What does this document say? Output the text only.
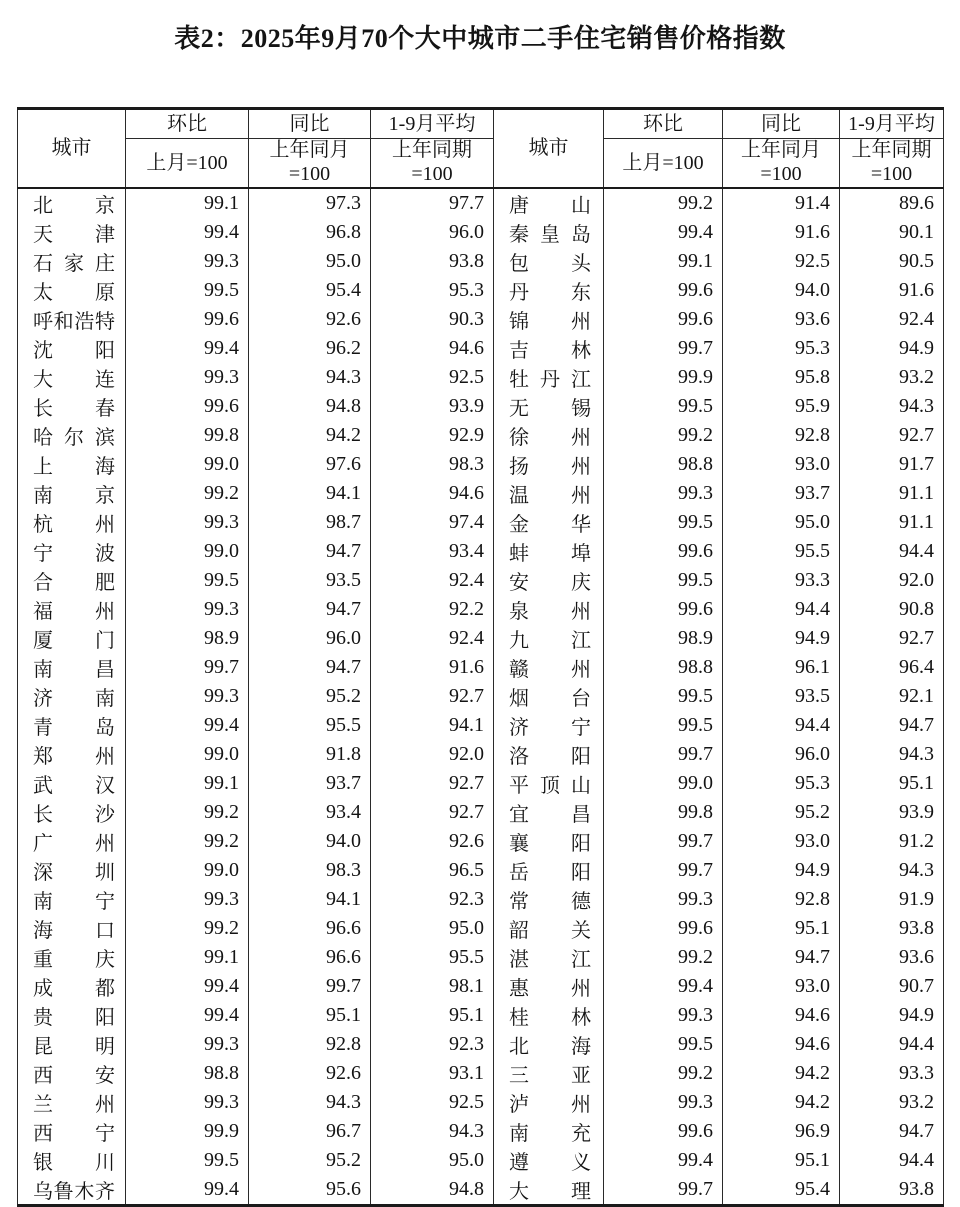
表2：2025年9月70个大中城市二手住宅销售价格指数
城市	环比	同比	1-9月平均	城市	环比	同比	1-9月平均
	上月=100	上年同月=100	上年同期=100		上月=100	上年同月=100	上年同期=100

北 京	99.1	97.3	97.7	唐 山	99.2	91.4	89.6

天 津	99.4	96.8	96.0	秦 皇 岛	99.4	91.6	90.1

石 家 庄	99.3	95.0	93.8	包 头	99.1	92.5	90.5

太 原	99.5	95.4	95.3	丹 东	99.6	94.0	91.6

呼 和 浩 特	99.6	92.6	90.3	锦 州	99.6	93.6	92.4

沈 阳	99.4	96.2	94.6	吉 林	99.7	95.3	94.9

大 连	99.3	94.3	92.5	牡 丹 江	99.9	95.8	93.2

长 春	99.6	94.8	93.9	无 锡	99.5	95.9	94.3

哈 尔 滨	99.8	94.2	92.9	徐 州	99.2	92.8	92.7

上 海	99.0	97.6	98.3	扬 州	98.8	93.0	91.7

南 京	99.2	94.1	94.6	温 州	99.3	93.7	91.1

杭 州	99.3	98.7	97.4	金 华	99.5	95.0	91.1

宁 波	99.0	94.7	93.4	蚌 埠	99.6	95.5	94.4

合 肥	99.5	93.5	92.4	安 庆	99.5	93.3	92.0

福 州	99.3	94.7	92.2	泉 州	99.6	94.4	90.8

厦 门	98.9	96.0	92.4	九 江	98.9	94.9	92.7

南 昌	99.7	94.7	91.6	赣 州	98.8	96.1	96.4

济 南	99.3	95.2	92.7	烟 台	99.5	93.5	92.1

青 岛	99.4	95.5	94.1	济 宁	99.5	94.4	94.7

郑 州	99.0	91.8	92.0	洛 阳	99.7	96.0	94.3

武 汉	99.1	93.7	92.7	平 顶 山	99.0	95.3	95.1

长 沙	99.2	93.4	92.7	宜 昌	99.8	95.2	93.9

广 州	99.2	94.0	92.6	襄 阳	99.7	93.0	91.2

深 圳	99.0	98.3	96.5	岳 阳	99.7	94.9	94.3

南 宁	99.3	94.1	92.3	常 德	99.3	92.8	91.9

海 口	99.2	96.6	95.0	韶 关	99.6	95.1	93.8

重 庆	99.1	96.6	95.5	湛 江	99.2	94.7	93.6

成 都	99.4	99.7	98.1	惠 州	99.4	93.0	90.7

贵 阳	99.4	95.1	95.1	桂 林	99.3	94.6	94.9

昆 明	99.3	92.8	92.3	北 海	99.5	94.6	94.4

西 安	98.8	92.6	93.1	三 亚	99.2	94.2	93.3

兰 州	99.3	94.3	92.5	泸 州	99.3	94.2	93.2

西 宁	99.9	96.7	94.3	南 充	99.6	96.9	94.7

银 川	99.5	95.2	95.0	遵 义	99.4	95.1	94.4

乌 鲁 木 齐	99.4	95.6	94.8	大 理	99.7	95.4	93.8
